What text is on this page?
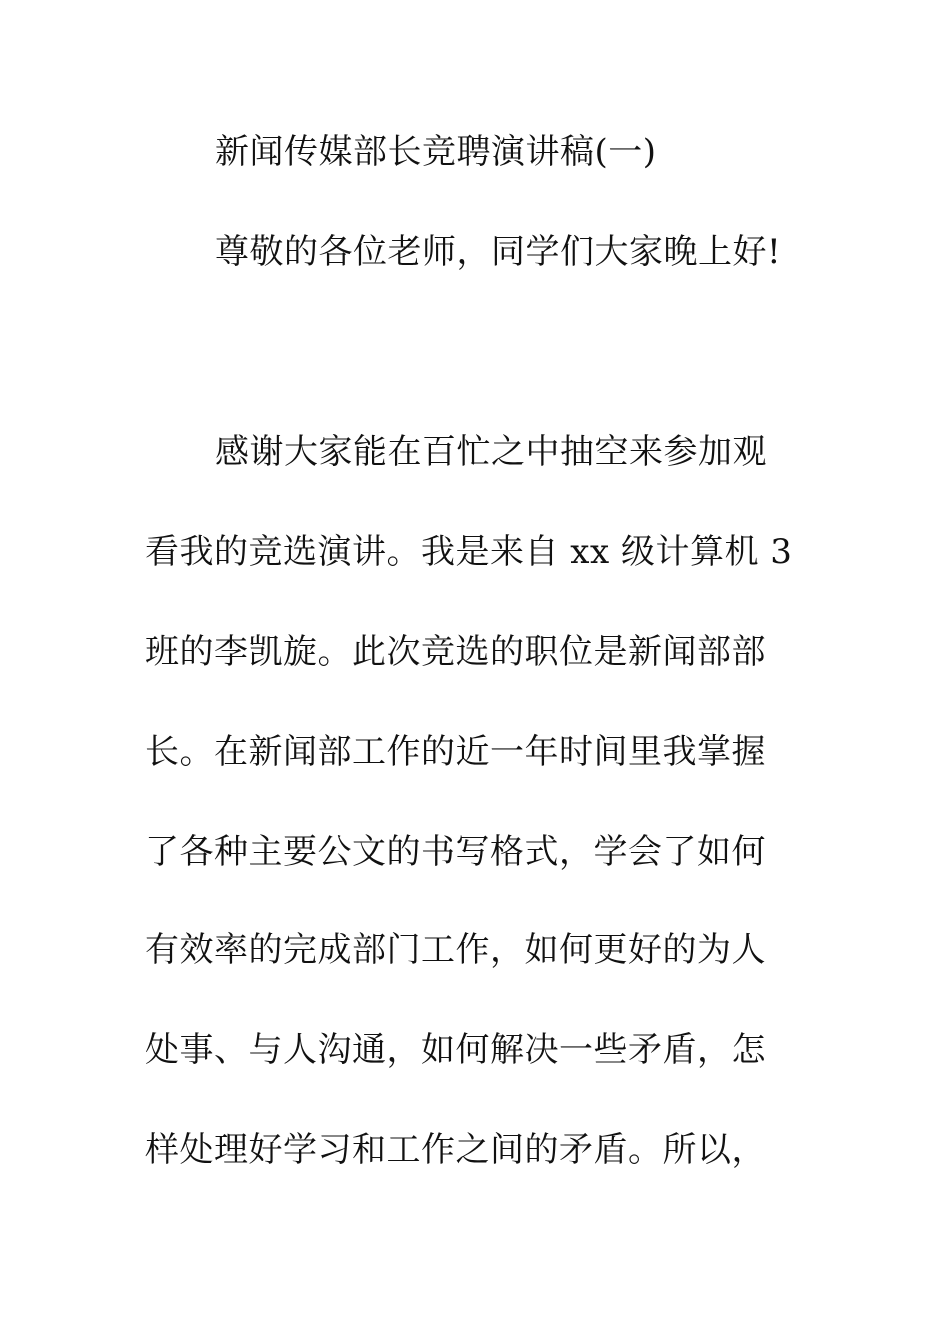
新闻传媒部长竞聘演讲稿(一)
尊敬的各位老师，同学们大家晚上好!
感谢大家能在百忙之中抽空来参加观
看我的竞选演讲。我是来自 xx 级计算机 3
班的李凯旋。此次竞选的职位是新闻部部
长。在新闻部工作的近一年时间里我掌握
了各种主要公文的书写格式，学会了如何
有效率的完成部门工作，如何更好的为人
处事、与人沟通，如何解决一些矛盾，怎
样处理好学习和工作之间的矛盾。所以，
